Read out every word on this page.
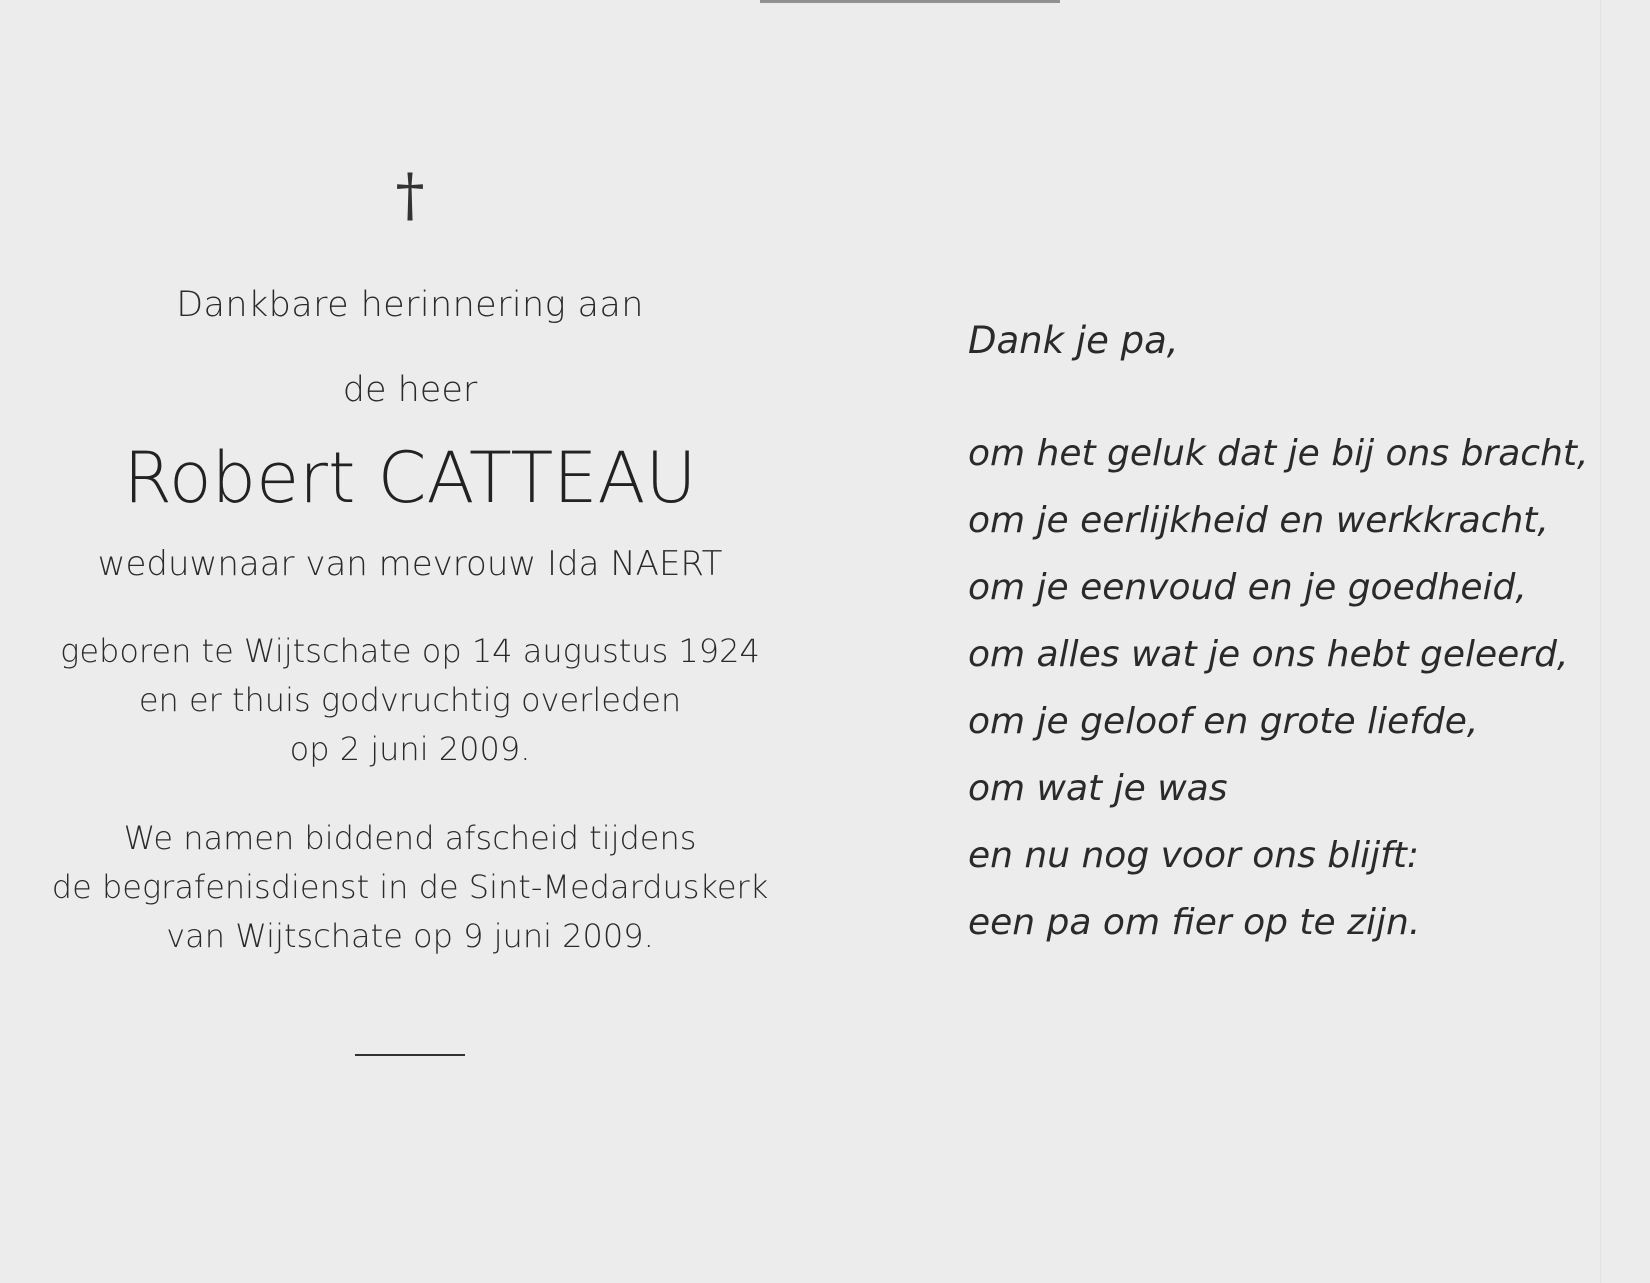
†
Dankbare herinnering aan
de heer
Robert CATTEAU
weduwnaar van mevrouw Ida NAERT
geboren te Wijtschate op 14 augustus 1924
en er thuis godvruchtig overleden
op 2 juni 2009.
We namen biddend afscheid tijdens
de begrafenisdienst in de Sint-Medarduskerk
van Wijtschate op 9 juni 2009.
Dank je pa,
om het geluk dat je bij ons bracht,
om je eerlijkheid en werkkracht,
om je eenvoud en je goedheid,
om alles wat je ons hebt geleerd,
om je geloof en grote liefde,
om wat je was
en nu nog voor ons blijft:
een pa om fier op te zijn.
